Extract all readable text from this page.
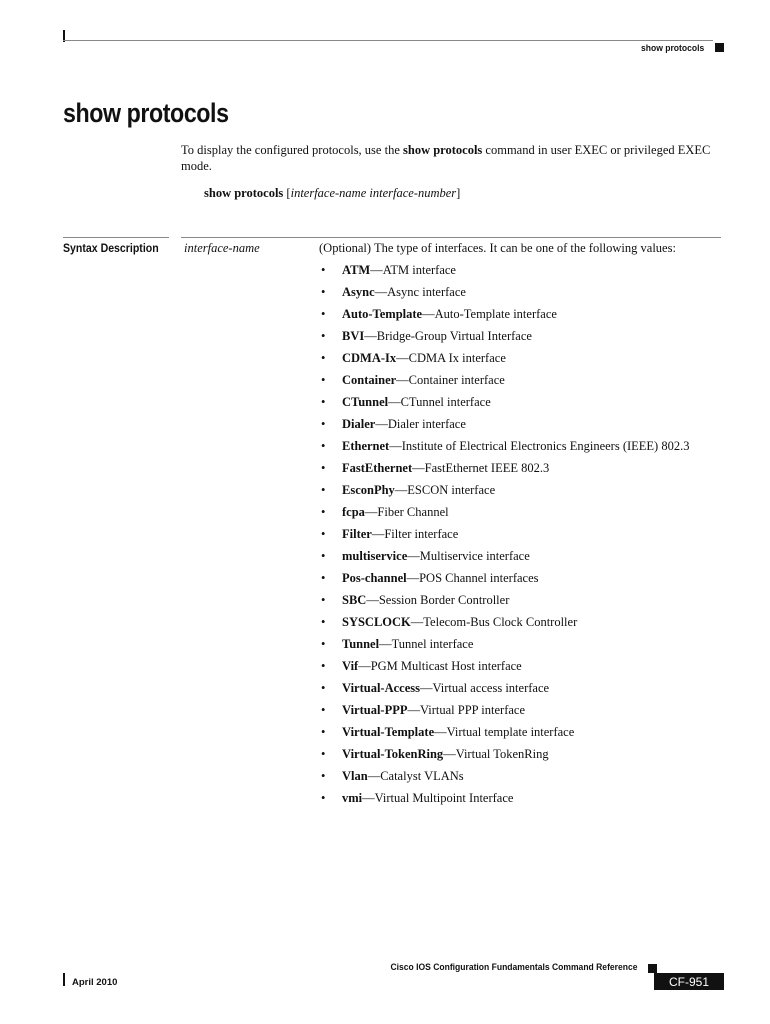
show protocols
show protocols

To display the configured protocols, use the show protocols command in user EXEC or privileged EXEC mode.

show protocols [interface-name interface-number]
Syntax Description interface-name	(Optional) The type of interfaces. It can be one of the following values:
• ATM—ATM interface
• Async—Async interface
• Auto-Template—Auto-Template interface
• BVI—Bridge-Group Virtual Interface
• CDMA-Ix—CDMA Ix interface
• Container—Container interface
• CTunnel—CTunnel interface
• Dialer—Dialer interface
• Ethernet—Institute of Electrical Electronics Engineers (IEEE) 802.3
• FastEthernet—FastEthernet IEEE 802.3
• EsconPhy—ESCON interface
• fcpa—Fiber Channel
• Filter—Filter interface
• multiservice—Multiservice interface
• Pos-channel—POS Channel interfaces
• SBC—Session Border Controller
• SYSCLOCK—Telecom-Bus Clock Controller
• Tunnel—Tunnel interface
• Vif—PGM Multicast Host interface
• Virtual-Access—Virtual access interface
• Virtual-PPP—Virtual PPP interface
• Virtual-Template—Virtual template interface
• Virtual-TokenRing—Virtual TokenRing
• Vlan—Catalyst VLANs
• vmi—Virtual Multipoint Interface
Cisco IOS Configuration Fundamentals Command Reference
April 2010	CF-951
